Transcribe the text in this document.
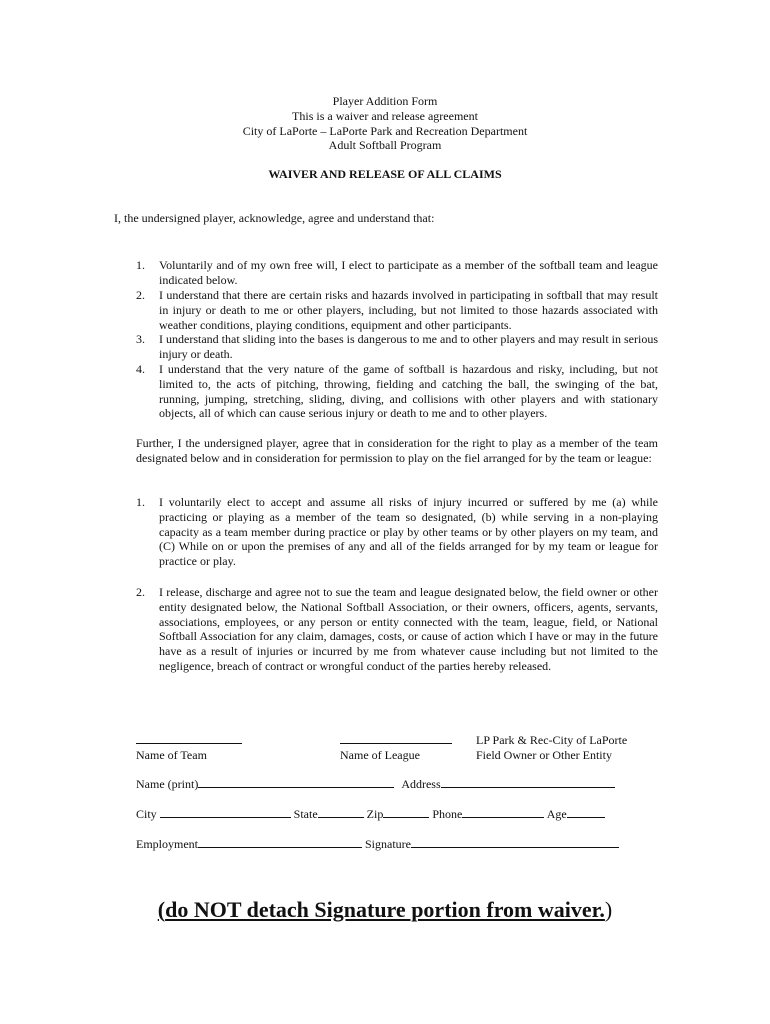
Player Addition Form
This is a waiver and release agreement
City of LaPorte – LaPorte Park and Recreation Department
Adult Softball Program
WAIVER AND RELEASE OF ALL CLAIMS
I, the undersigned player, acknowledge, agree and understand that:
1.	Voluntarily and of my own free will, I elect to participate as a member of the softball team and league indicated below.
2.	I understand that there are certain risks and hazards involved in participating in softball that may result in injury or death to me or other players, including, but not limited to those hazards associated with weather conditions, playing conditions, equipment and other participants.
3.	I understand that sliding into the bases is dangerous to me and to other players and may result in serious injury or death.
4.	I understand that the very nature of the game of softball is hazardous and risky, including, but not limited to, the acts of pitching, throwing, fielding and catching the ball, the swinging of the bat, running, jumping, stretching, sliding, diving, and collisions with other players and with stationary objects, all of which can cause serious injury or death to me and to other players.
Further, I the undersigned player, agree that in consideration for the right to play as a member of the team designated below and in consideration for permission to play on the fiel arranged for by the team or league:
1.	I voluntarily elect to accept and assume all risks of injury incurred or suffered by me (a) while practicing or playing as a member of the team so designated, (b) while serving in a non-playing capacity as a team member during practice or play by other teams or by other players on my team, and (C) While on or upon the premises of any and all of the fields arranged for by my team or league for practice or play.
2.	I release, discharge and agree not to sue the team and league designated below, the field owner or other entity designated below, the National Softball Association, or their owners, officers, agents, servants, associations, employees, or any person or entity connected with the team, league, field, or National Softball Association for any claim, damages, costs, or cause of action which I have or may in the future have as a result of injuries or incurred by me from whatever cause including but not limited to the negligence, breach of contract or wrongful conduct of the parties hereby released.
Name of Team	Name of League
LP Park & Rec-City of LaPorte
Field Owner or Other Entity
Name (print)	Address
City	State	Zip	Phone	Age
Employment	Signature
(do NOT detach Signature portion from waiver.)
